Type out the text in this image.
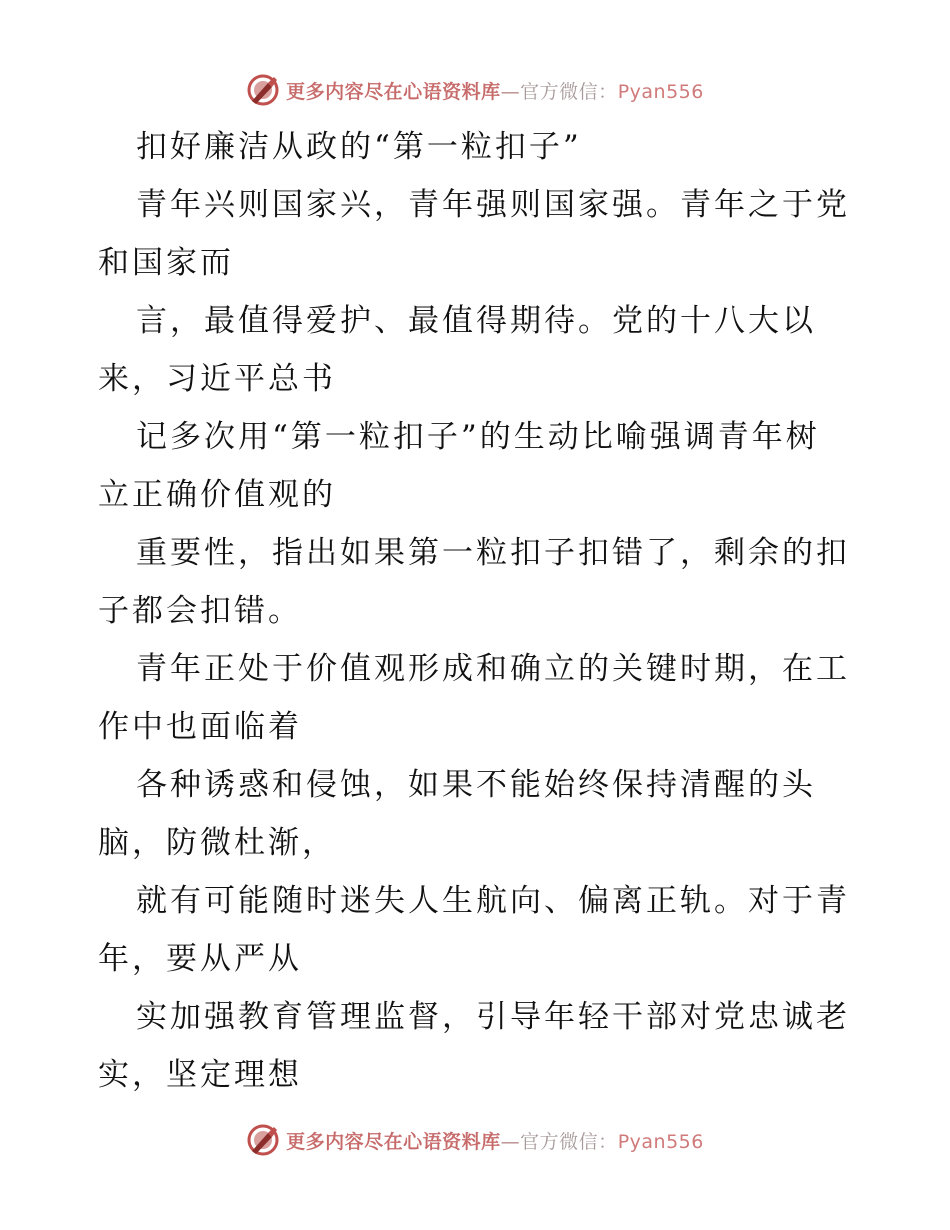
更多内容尽在心语资料库—官方微信：Pyan556
扣好廉洁从政的“第一粒扣子”
青年兴则国家兴，青年强则国家强。青年之于党
和国家而
言，最值得爱护、最值得期待。党的十八大以
来，习近平总书
记多次用“第一粒扣子”的生动比喻强调青年树
立正确价值观的
重要性，指出如果第一粒扣子扣错了，剩余的扣
子都会扣错。
青年正处于价值观形成和确立的关键时期，在工
作中也面临着
各种诱惑和侵蚀，如果不能始终保持清醒的头
脑，防微杜渐，
就有可能随时迷失人生航向、偏离正轨。对于青
年，要从严从
实加强教育管理监督，引导年轻干部对党忠诚老
实，坚定理想
更多内容尽在心语资料库—官方微信：Pyan556
